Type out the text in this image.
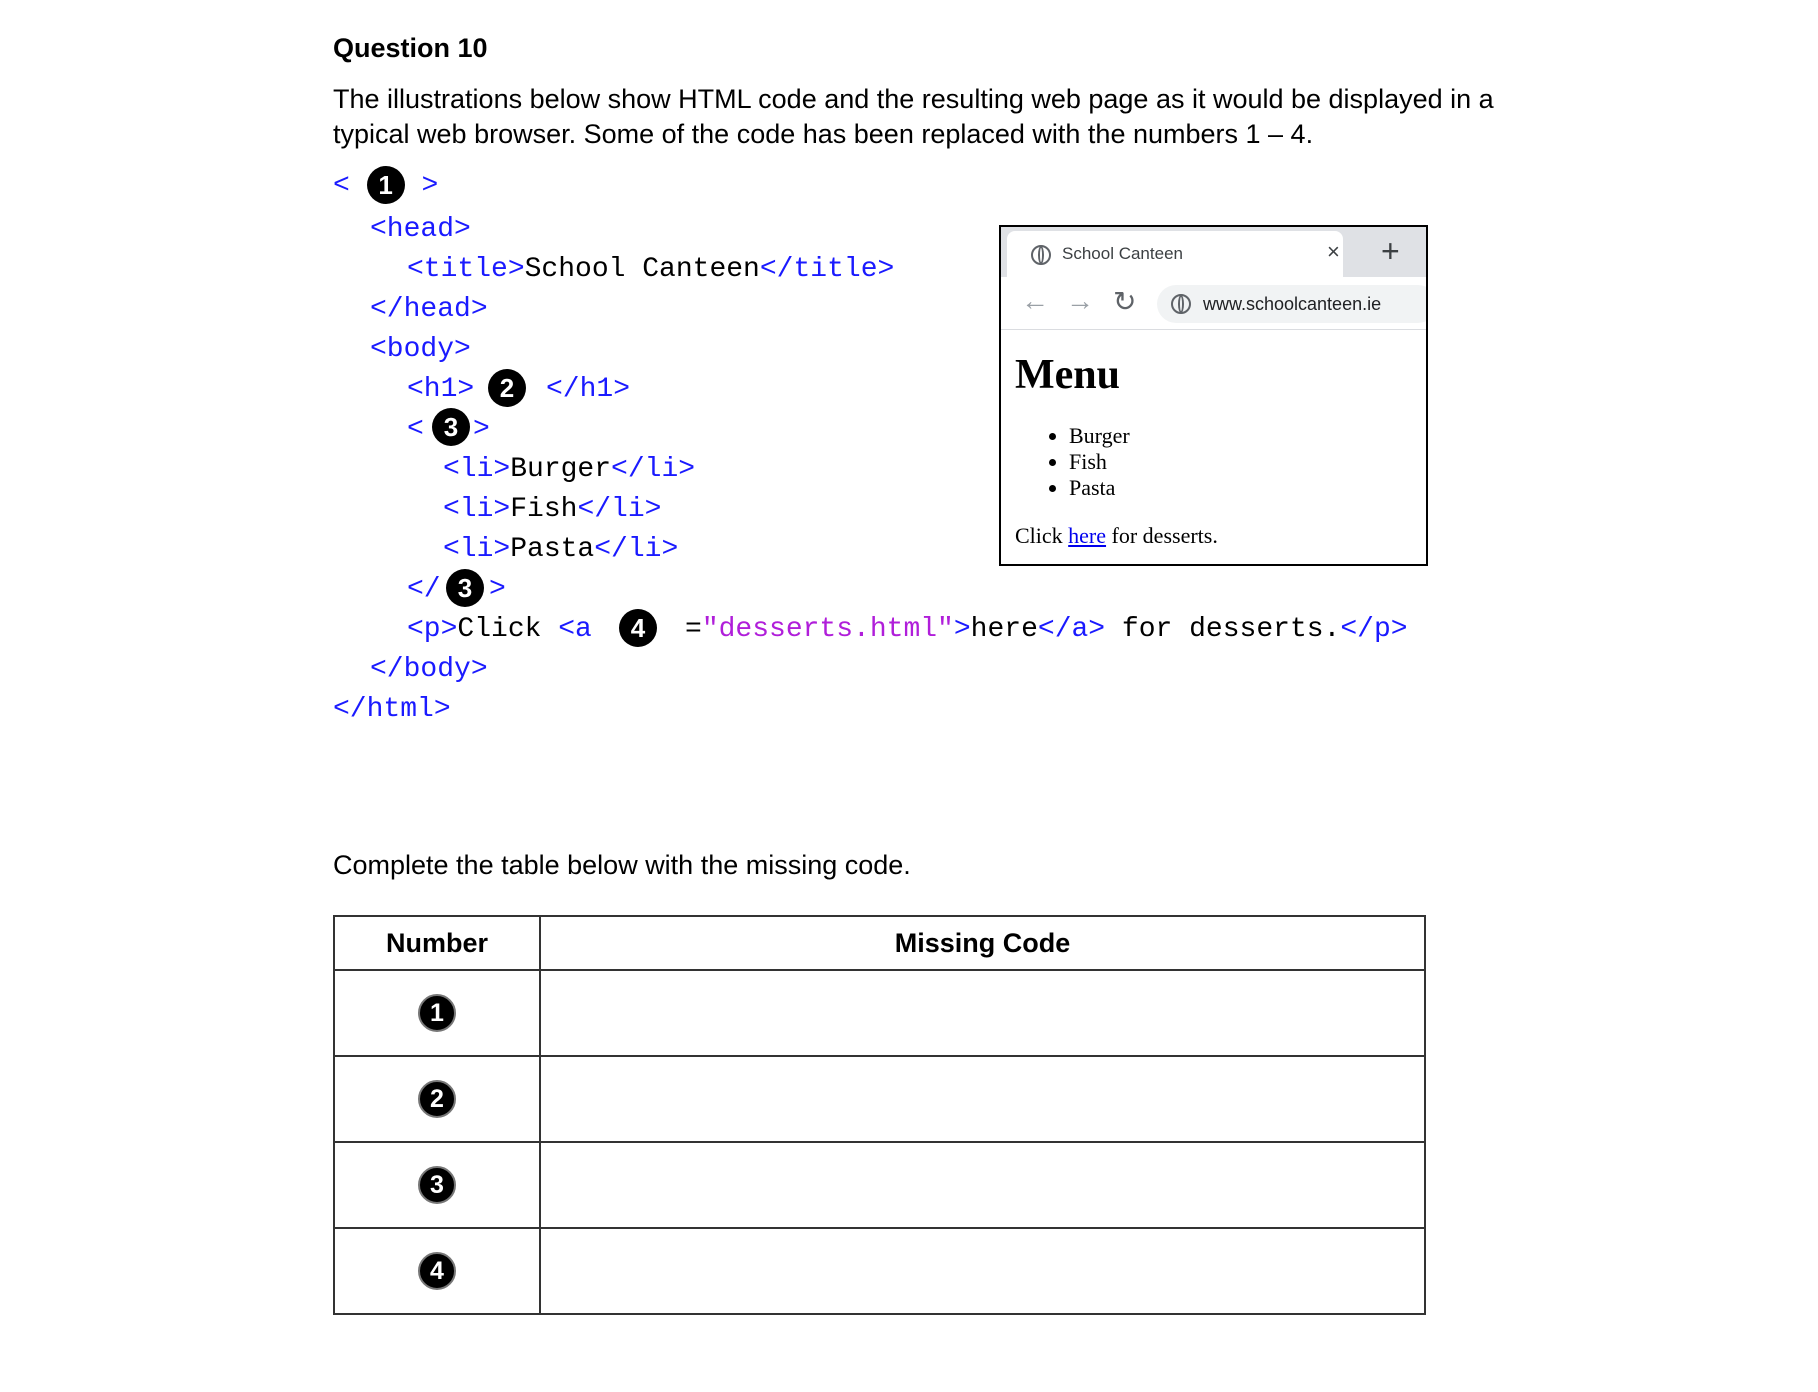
Question 10
The illustrations below show HTML code and the resulting web page as it would be displayed in a typical web browser. Some of the code has been replaced with the numbers 1 – 4.
< 1 >
<head>
<title>School Canteen</title>
</head>
<body>
<h1> 2	</h1>
< 3 >
<li>Burger</li>
<li>Fish</li>
<li>Pasta</li>
</ 3 >
<p>Click <a 4	="desserts.html">here</a> for desserts.</p>
</body>
</html>
School Canteen	× +
← → ↻	www.schoolcanteen.ie
Menu
• Burger
• Fish
• Pasta

Click here for desserts.

Complete the table below with the missing code.
Number	Missing Code
1	
2	
3	
4	
